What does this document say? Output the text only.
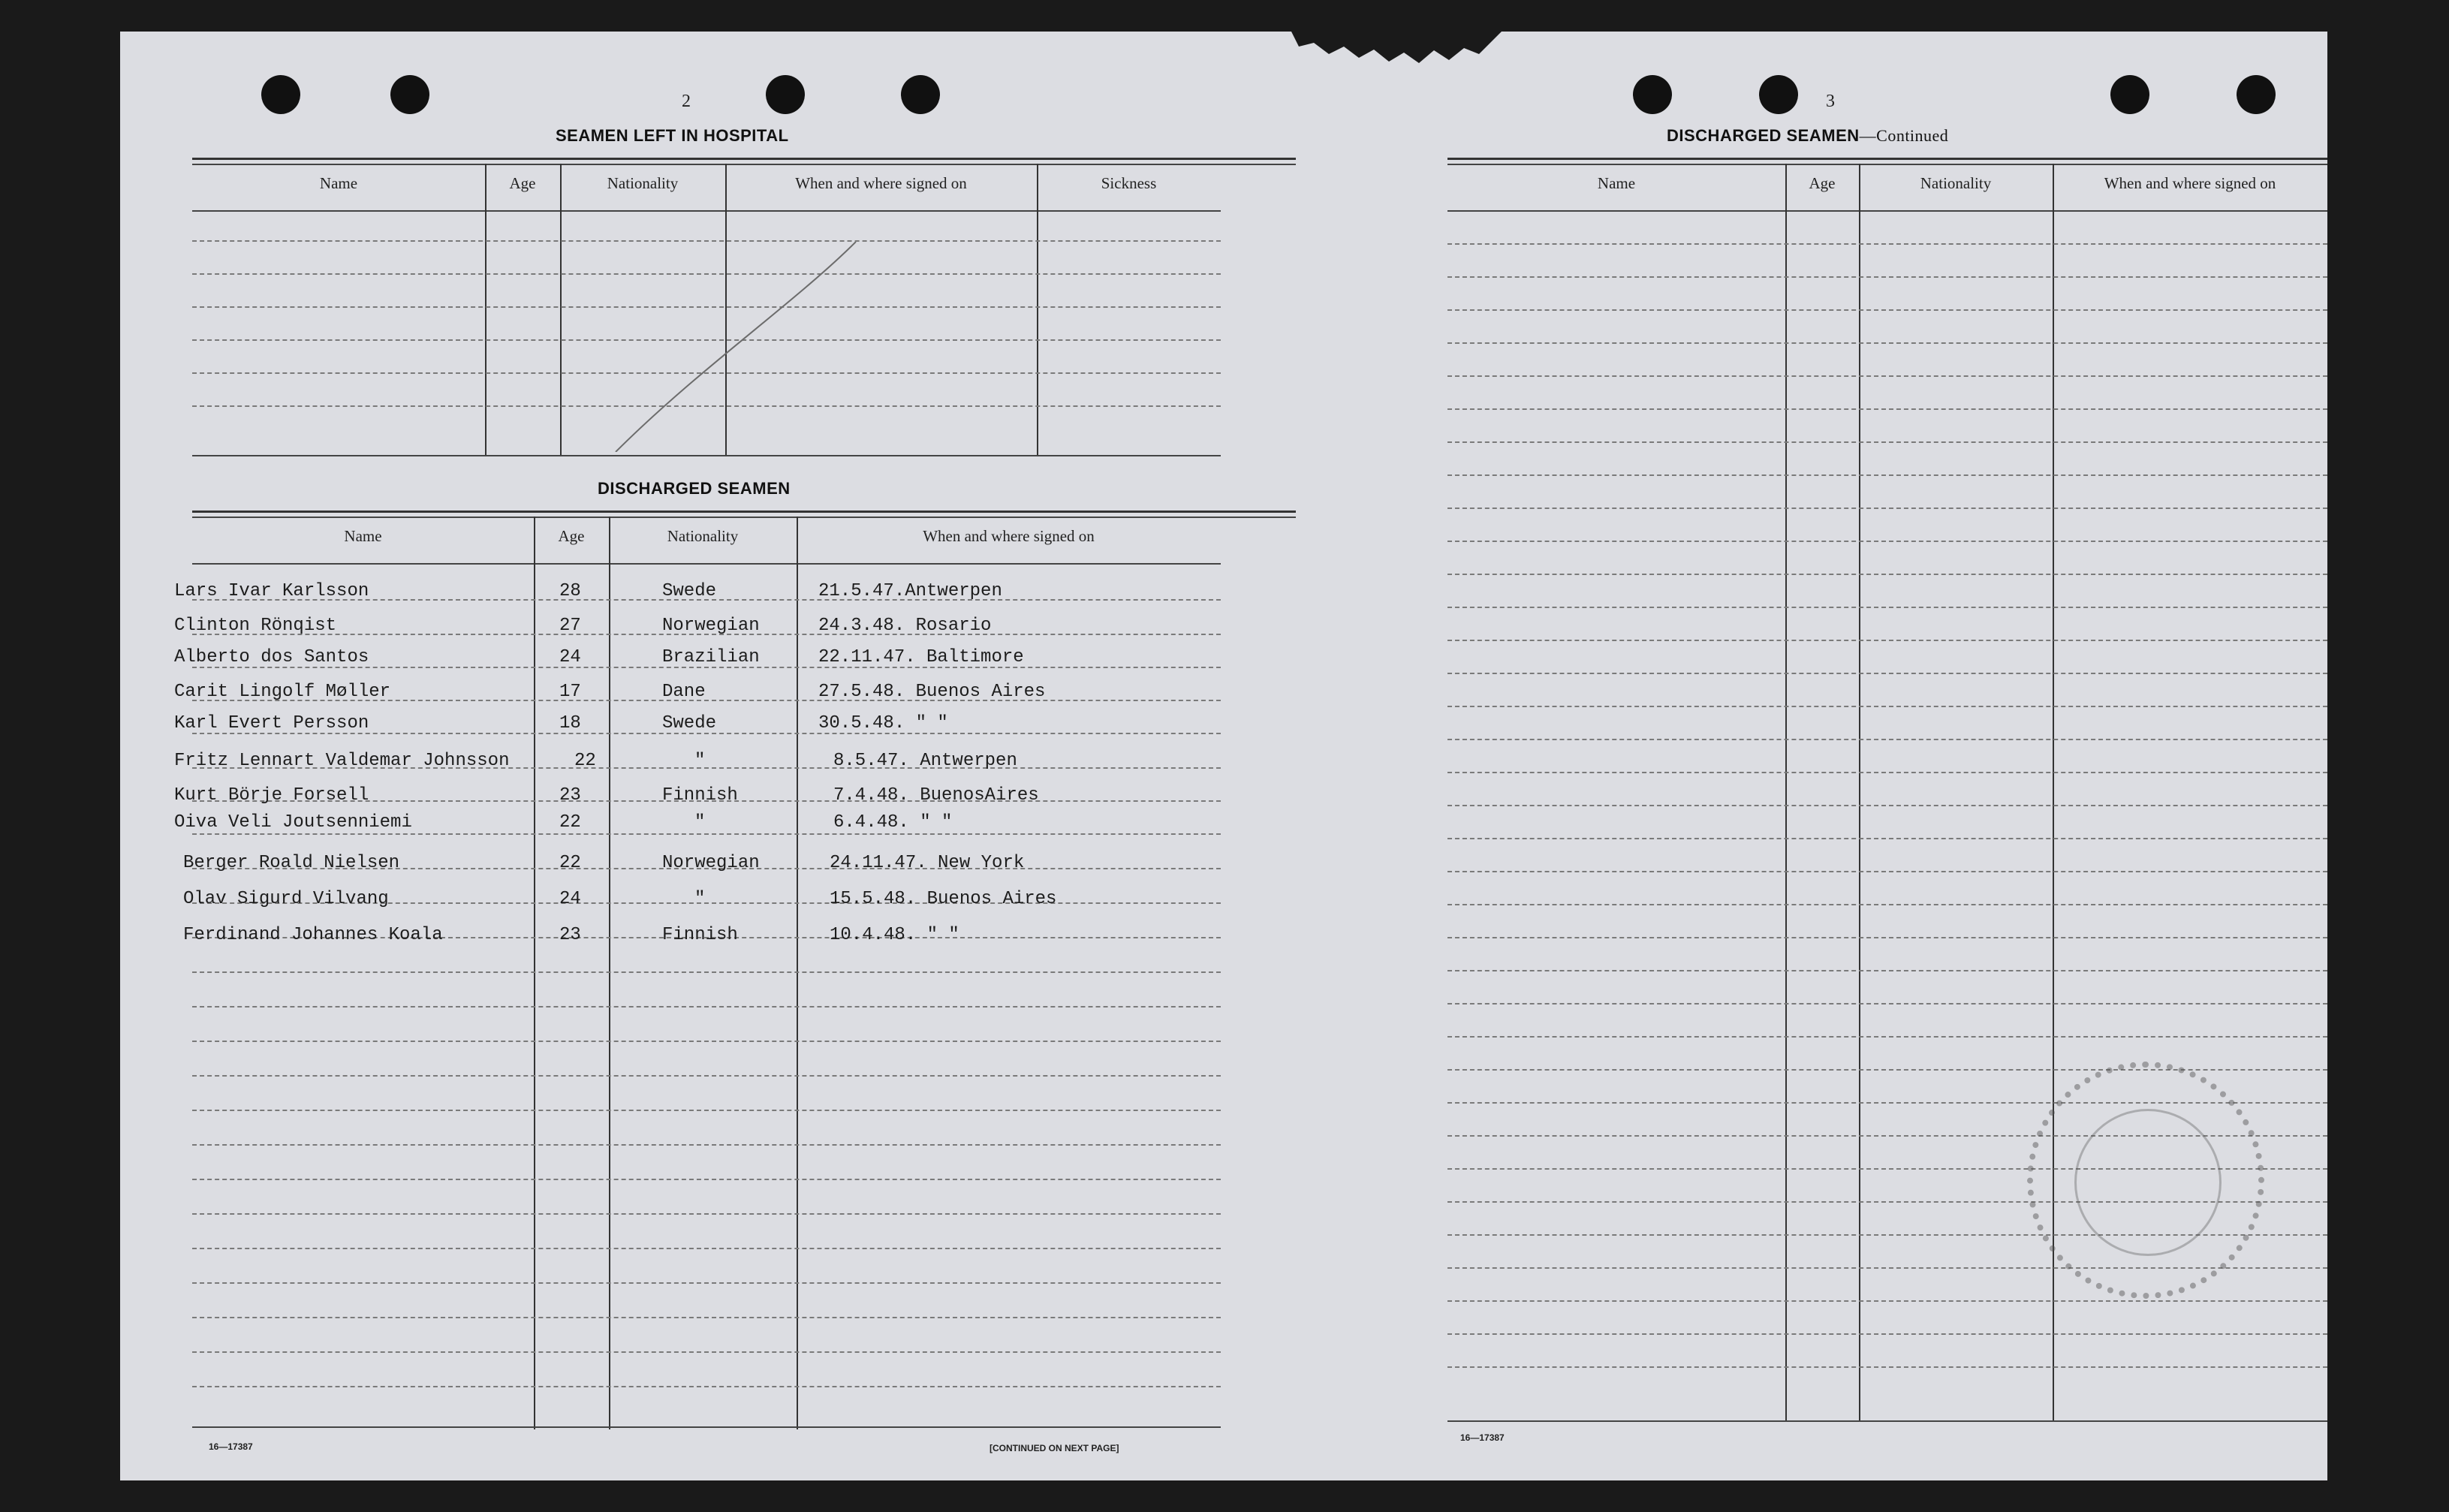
2
SEAMEN LEFT IN HOSPITAL
Name	Age	Nationality	When and where signed on	Sickness
DISCHARGED SEAMEN
Name	Age	Nationality	When and where signed on
Lars Ivar Karlsson	28	Swede	21.5.47.Antwerpen
Clinton Rönqist	27	Norwegian	24.3.48. Rosario
Alberto dos Santos	24	Brazilian	22.11.47. Baltimore
Carit Lingolf Møller	17	Dane	27.5.48. Buenos Aires
Karl Evert Persson	18	Swede	30.5.48. " "
Fritz Lennart Valdemar Johnsson	22	"	8.5.47. Antwerpen
Kurt Börje Forsell	23	Finnish	7.4.48. BuenosAires
Oiva Veli Joutsenniemi	22	"	6.4.48. " "
Berger Roald Nielsen	22	Norwegian	24.11.47. New York
Olav Sigurd Vilvang	24	"	15.5.48. Buenos Aires
Ferdinand Johannes Koala	23	Finnish	10.4.48. " "
16—17387	[CONTINUED ON NEXT PAGE]
3
DISCHARGED SEAMEN—Continued
Name	Age	Nationality	When and where signed on
16—17387
